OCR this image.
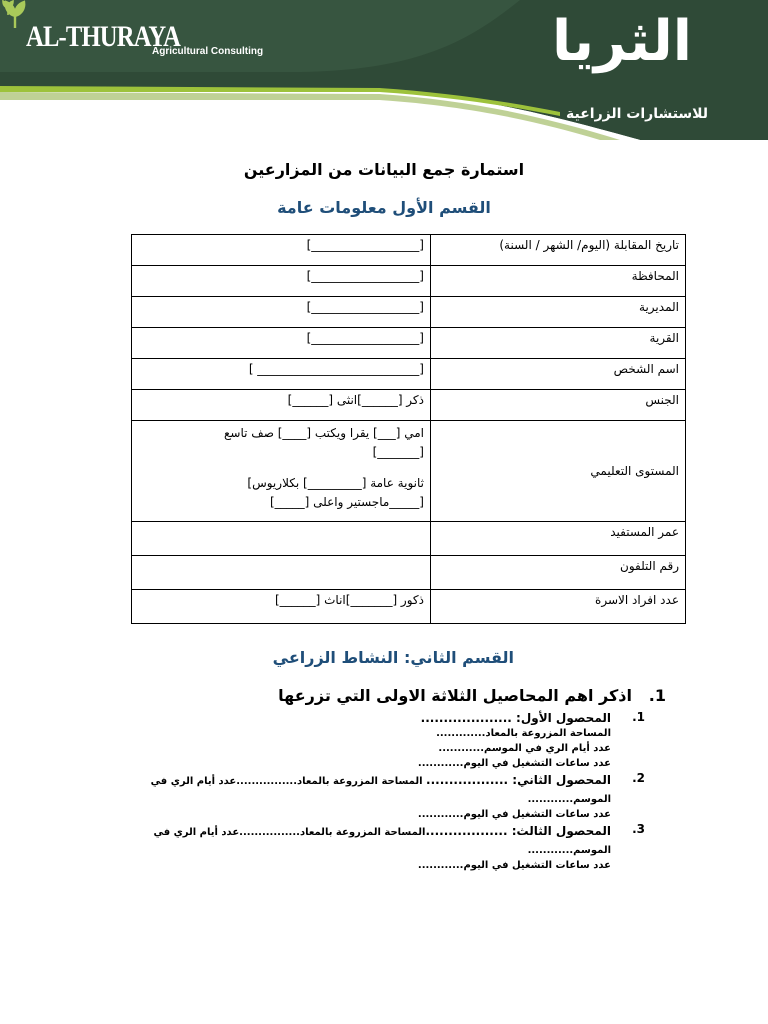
AL-THURAYA
Agricultural Consulting	الثريا
للاستشارات الزراعية
استمارة جمع البيانات من المزارعين
القسم الأول معلومات عامة
تاريخ المقابلة (اليوم/ الشهر / السنة)	[__________________]
المحافظة	[__________________]
المديرية	[__________________]
القرية	[__________________]
اسم الشخص	[___________________________ ]
الجنس	ذكر [______]انثى [______]
المستوى التعليمي	امي [___] يقرا ويكتب [____] صف تاسع
[_______]
ثانوية عامة [_________] بكلاريوس]
[_____ماجستير واعلى [_____]

عمر المستفيد	
رقم التلفون	
عدد افراد الاسرة	ذكور [_______]اناث [______]
القسم الثاني: النشاط الزراعي
1.اذكر اهم المحاصيل الثلاثة الاولى التي تزرعها
1.
المحصول الأول: ....................
المساحة المزروعة بالمعاد.............
عدد أيام الري في الموسم............
عدد ساعات التشغيل في اليوم............
2.
المحصول الثاني: .................. المساحة المزروعة بالمعاد................عدد أيام الري في الموسم............
عدد ساعات التشغيل في اليوم............
3.
المحصول الثالث: ..................المساحة المزروعة بالمعاد................عدد أيام الري في الموسم............
عدد ساعات التشغيل في اليوم............
